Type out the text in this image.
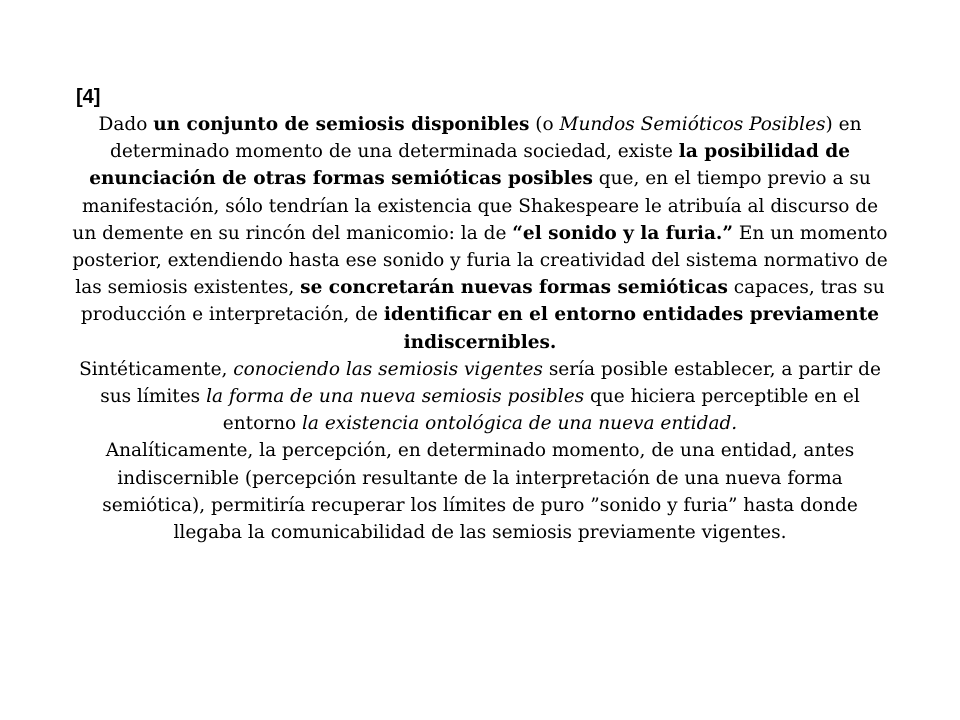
[4]

Dado un conjunto de semiosis disponibles (o Mundos Semióticos Posibles) en determinado momento de una determinada sociedad, existe la posibilidad de enunciación de otras formas semióticas posibles que, en el tiempo previo a su manifestación, sólo tendrían la existencia que Shakespeare le atribuía al discurso de un demente en su rincón del manicomio: la de “el sonido y la furia.” En un momento posterior, extendiendo hasta ese sonido y furia la creatividad del sistema normativo de las semiosis existentes, se concretarán nuevas formas semióticas capaces, tras su producción e interpretación, de identificar en el entorno entidades previamente indiscernibles.

Sintéticamente, conociendo las semiosis vigentes sería posible establecer, a partir de sus límites la forma de una nueva semiosis posibles que hiciera perceptible en el entorno la existencia ontológica de una nueva entidad.

Analíticamente, la percepción, en determinado momento, de una entidad, antes indiscernible (percepción resultante de la interpretación de una nueva forma semiótica), permitiría recuperar los límites de puro ”sonido y furia” hasta donde llegaba la comunicabilidad de las semiosis previamente vigentes.
